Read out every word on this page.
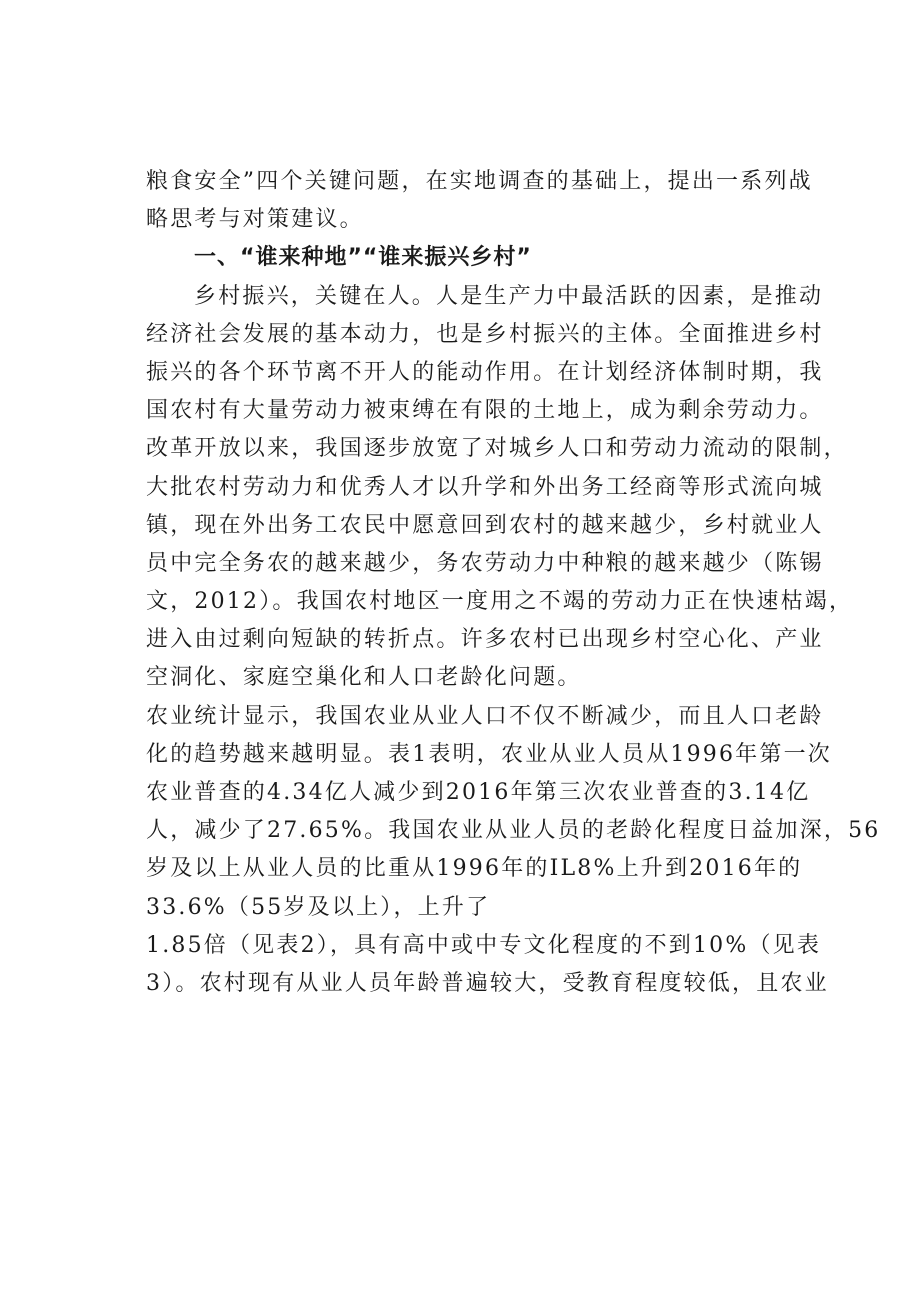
粮食安全”四个关键问题，在实地调查的基础上，提出一系列战
略思考与对策建议。
一、“谁来种地”“谁来振兴乡村”
乡村振兴，关键在人。人是生产力中最活跃的因素，是推动
经济社会发展的基本动力，也是乡村振兴的主体。全面推进乡村
振兴的各个环节离不开人的能动作用。在计划经济体制时期，我
国农村有大量劳动力被束缚在有限的土地上，成为剩余劳动力。
改革开放以来，我国逐步放宽了对城乡人口和劳动力流动的限制，
大批农村劳动力和优秀人才以升学和外出务工经商等形式流向城
镇，现在外出务工农民中愿意回到农村的越来越少，乡村就业人
员中完全务农的越来越少，务农劳动力中种粮的越来越少（陈锡
文，2012）。我国农村地区一度用之不竭的劳动力正在快速枯竭，
进入由过剩向短缺的转折点。许多农村已出现乡村空心化、产业
空洞化、家庭空巢化和人口老龄化问题。
农业统计显示，我国农业从业人口不仅不断减少，而且人口老龄
化的趋势越来越明显。表1表明，农业从业人员从1996年第一次
农业普查的4.34亿人减少到2016年第三次农业普查的3.14亿
人，减少了27.65%。我国农业从业人员的老龄化程度日益加深，56
岁及以上从业人员的比重从1996年的IL8%上升到2016年的
33.6%（55岁及以上），上升了
1.85倍（见表2），具有高中或中专文化程度的不到10%（见表
3）。农村现有从业人员年龄普遍较大，受教育程度较低，且农业
